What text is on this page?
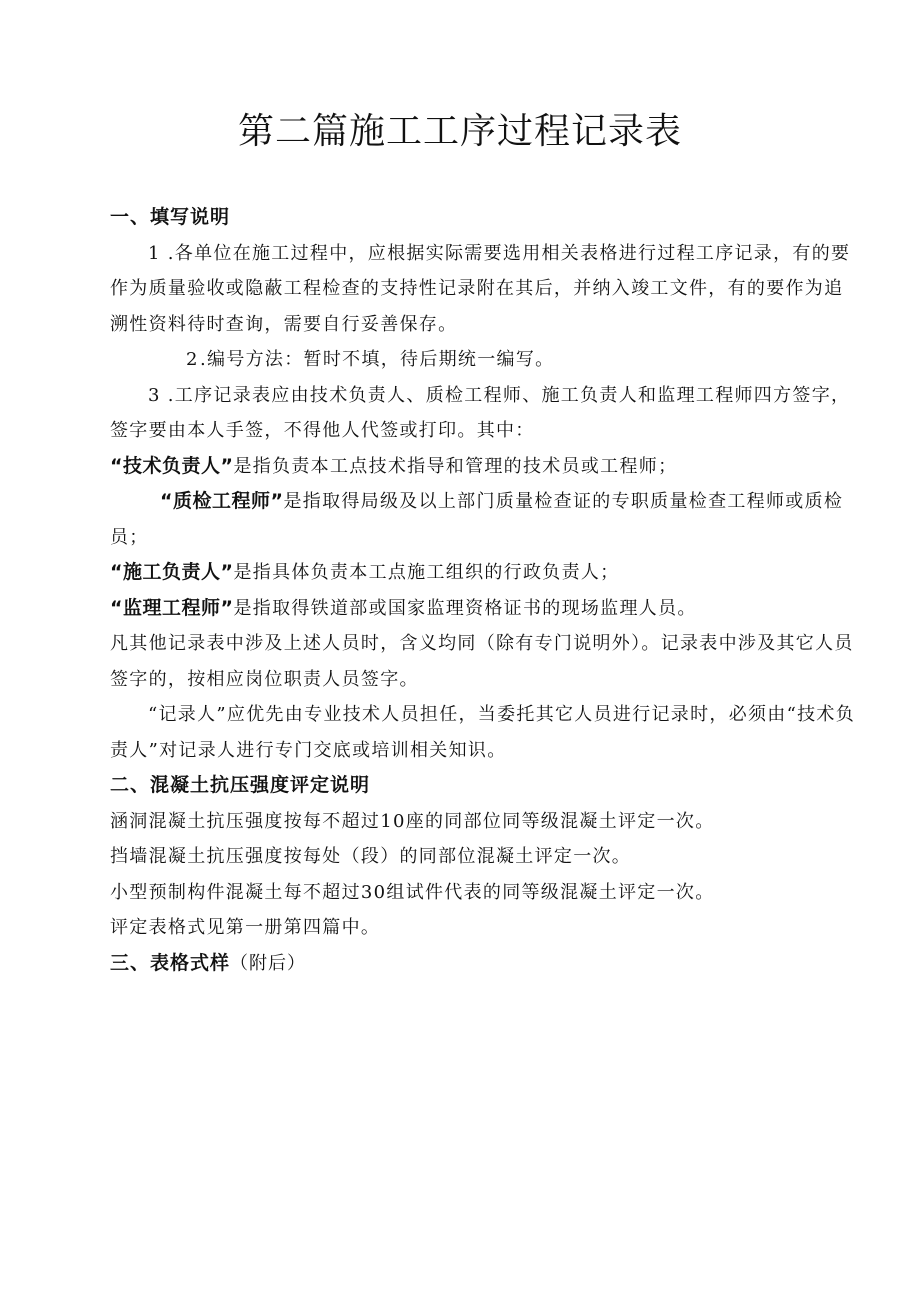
第二篇施工工序过程记录表

一、填写说明

1 .各单位在施工过程中，应根据实际需要选用相关表格进行过程工序记录，有的要作为质量验收或隐蔽工程检查的支持性记录附在其后，并纳入竣工文件，有的要作为追溯性资料待时查询，需要自行妥善保存。

2.编号方法：暂时不填，待后期统一编写。

3 .工序记录表应由技术负责人、质检工程师、施工负责人和监理工程师四方签字，签字要由本人手签，不得他人代签或打印。其中：

“技术负责人”是指负责本工点技术指导和管理的技术员或工程师；

“质检工程师”是指取得局级及以上部门质量检查证的专职质量检查工程师或质检员；

“施工负责人”是指具体负责本工点施工组织的行政负责人；

“监理工程师”是指取得铁道部或国家监理资格证书的现场监理人员。

凡其他记录表中涉及上述人员时，含义均同（除有专门说明外）。记录表中涉及其它人员签字的，按相应岗位职责人员签字。

“记录人”应优先由专业技术人员担任，当委托其它人员进行记录时，必须由“技术负责人”对记录人进行专门交底或培训相关知识。

二、混凝土抗压强度评定说明

涵洞混凝土抗压强度按每不超过10座的同部位同等级混凝土评定一次。

挡墙混凝土抗压强度按每处（段）的同部位混凝土评定一次。

小型预制构件混凝土每不超过30组试件代表的同等级混凝土评定一次。

评定表格式见第一册第四篇中。

三、表格式样（附后）
